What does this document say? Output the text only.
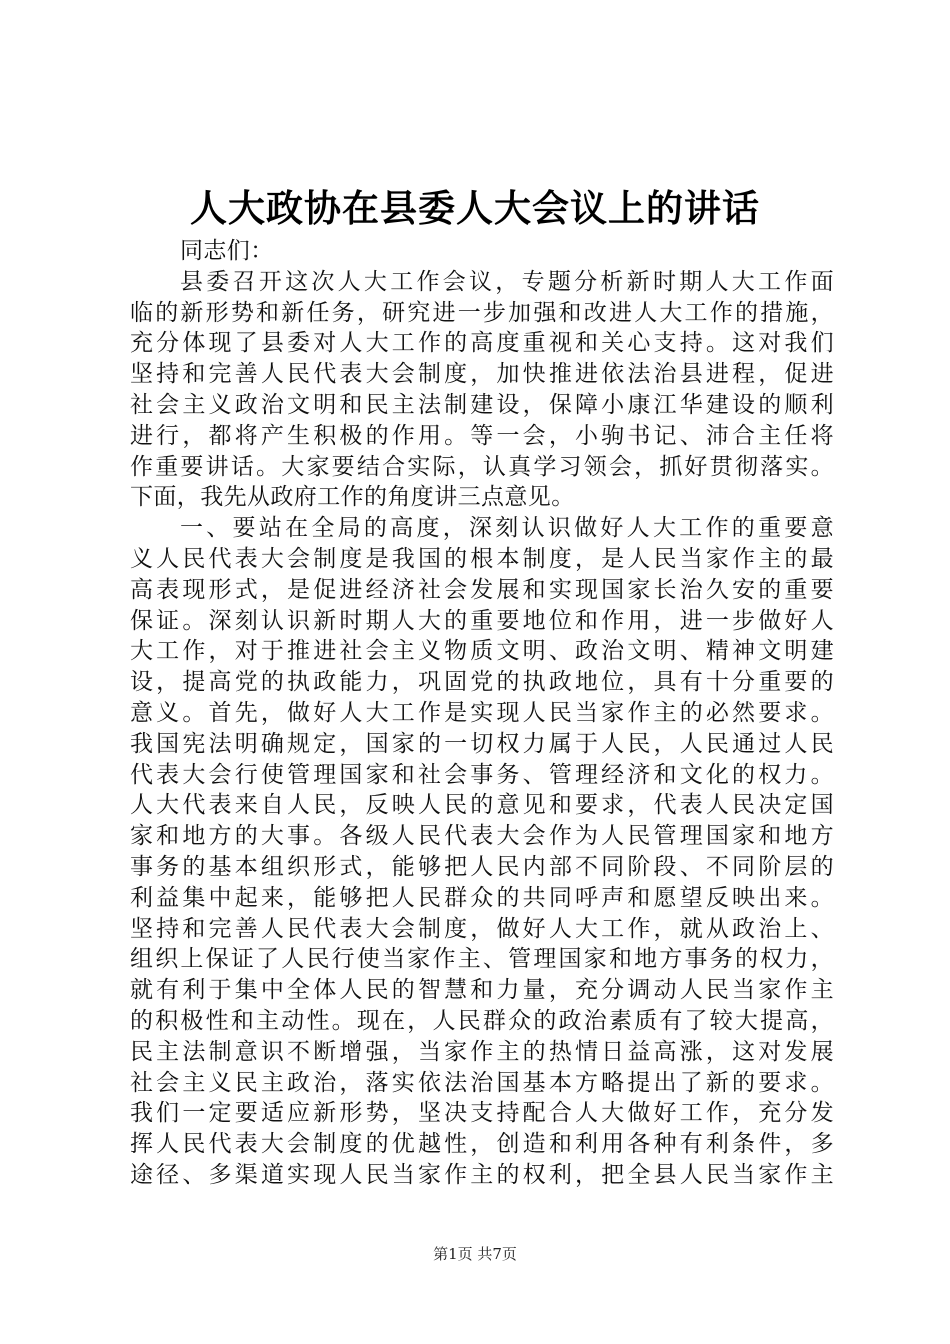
人大政协在县委人大会议上的讲话
同志们：
县委召开这次人大工作会议，专题分析新时期人大工作面
临的新形势和新任务，研究进一步加强和改进人大工作的措施，
充分体现了县委对人大工作的高度重视和关心支持。这对我们
坚持和完善人民代表大会制度，加快推进依法治县进程，促进
社会主义政治文明和民主法制建设，保障小康江华建设的顺利
进行，都将产生积极的作用。等一会，小驹书记、沛合主任将
作重要讲话。大家要结合实际，认真学习领会，抓好贯彻落实。
下面，我先从政府工作的角度讲三点意见。
一、要站在全局的高度，深刻认识做好人大工作的重要意
义人民代表大会制度是我国的根本制度，是人民当家作主的最
高表现形式，是促进经济社会发展和实现国家长治久安的重要
保证。深刻认识新时期人大的重要地位和作用，进一步做好人
大工作，对于推进社会主义物质文明、政治文明、精神文明建
设，提高党的执政能力，巩固党的执政地位，具有十分重要的
意义。首先，做好人大工作是实现人民当家作主的必然要求。
我国宪法明确规定，国家的一切权力属于人民，人民通过人民
代表大会行使管理国家和社会事务、管理经济和文化的权力。
人大代表来自人民，反映人民的意见和要求，代表人民决定国
家和地方的大事。各级人民代表大会作为人民管理国家和地方
事务的基本组织形式，能够把人民内部不同阶段、不同阶层的
利益集中起来，能够把人民群众的共同呼声和愿望反映出来。
坚持和完善人民代表大会制度，做好人大工作，就从政治上、
组织上保证了人民行使当家作主、管理国家和地方事务的权力，
就有利于集中全体人民的智慧和力量，充分调动人民当家作主
的积极性和主动性。现在，人民群众的政治素质有了较大提高，
民主法制意识不断增强，当家作主的热情日益高涨，这对发展
社会主义民主政治，落实依法治国基本方略提出了新的要求。
我们一定要适应新形势，坚决支持配合人大做好工作，充分发
挥人民代表大会制度的优越性，创造和利用各种有利条件，多
途径、多渠道实现人民当家作主的权利，把全县人民当家作主
第1页 共7页
